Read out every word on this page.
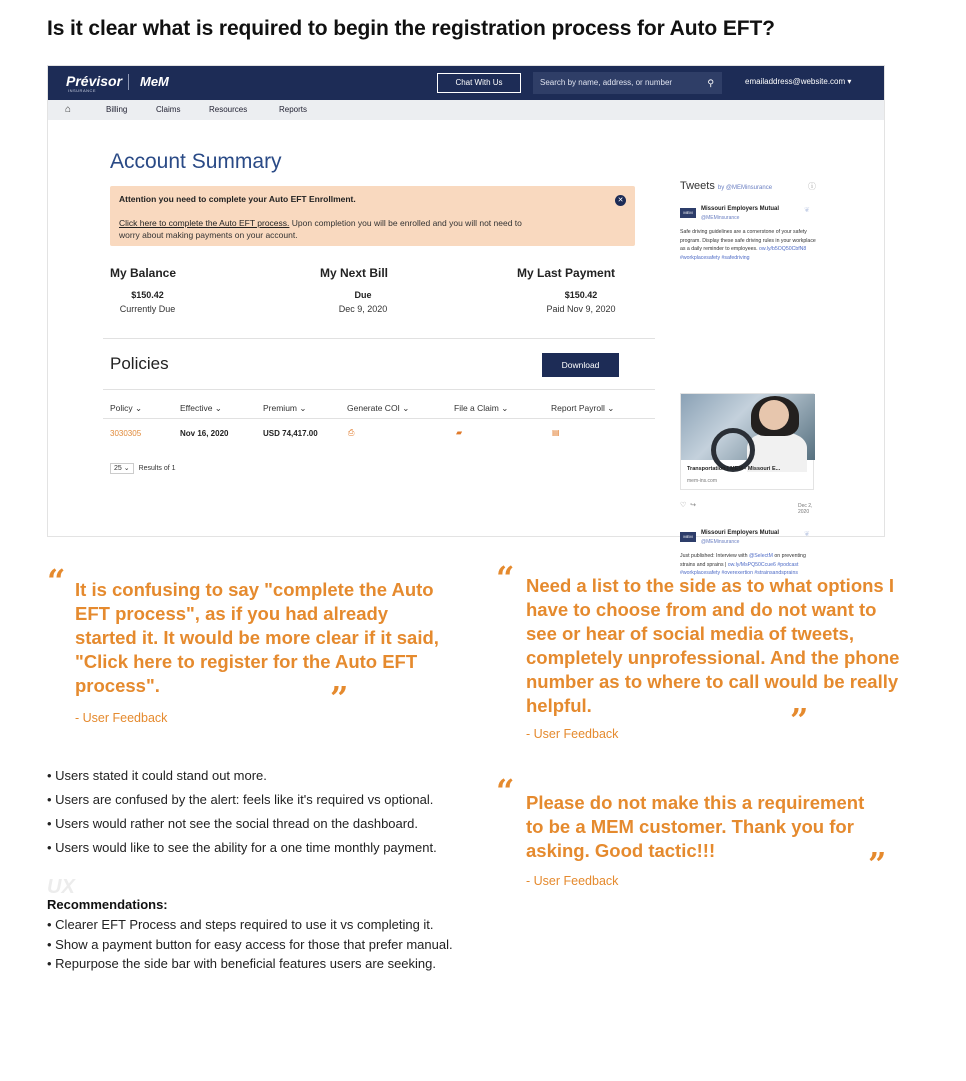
Is it clear what is required to begin the registration process for Auto EFT?
Prévisor
INSURANCE
MeM	Chat With Us	Search by name, address, or number	⚲	emailaddress@website.com ▾
⌂	Billing	Claims	Resources	Reports
Account Summary
Attention you need to complete your Auto EFT Enrollment.	✕
Click here to complete the Auto EFT process. Upon completion you will be enrolled and you will not need to worry about making payments on your account.
My Balance
$150.42
Currently Due
My Next Bill
Due
Dec 9, 2020
My Last Payment
$150.42
Paid Nov 9, 2020
Policies	Download
Policy ⌄	Effective ⌄	Premium ⌄	Generate COI ⌄	File a Claim ⌄	Report Payroll ⌄
3030305	Nov 16, 2020	USD 74,417.00	⎙	▰	▤
25 ⌄ Results of 1
Tweets by @MEMinsurance	ⓘ
MEM
Missouri Employers Mutual
@MEMinsurance
❦
Safe driving guidelines are a cornerstone of your safety program. Display these safe driving rules in your workplace as a daily reminder to employees. ow.ly/b5OQ50CbfN8 #workplacesafety #safedriving
Transportation | MEM - Missouri E...
mem-ins.com
♡ ↪	Dec 2, 2020
MEM
Missouri Employers Mutual
@MEMinsurance
❦
Just published: Interview with @SelectM on preventing strains and sprains | ow.ly/MsPQ50Ccue6 #podcast #workplacesafety #overexertion #strainsandsprains
“ It is confusing to say "complete the Auto EFT process", as if you had already started it. It would be more clear if it said, "Click here to register for the Auto EFT process".	”
- User Feedback
“ Need a list to the side as to what options I have to choose from and do not want to see or hear of social media of tweets, completely unprofessional. And the phone number as to where to call would be really helpful.	”
- User Feedback
“ Please do not make this a requirement to be a MEM customer. Thank you for asking. Good tactic!!!	”
- User Feedback
• Users stated it could stand out more.
• Users are confused by the alert: feels like it's required vs optional.
• Users would rather not see the social thread on the dashboard.
• Users would like to see the ability for a one time monthly payment.
UX
Recommendations:
• Clearer EFT Process and steps required to use it vs completing it.
• Show a payment button for easy access for those that prefer manual.
• Repurpose the side bar with beneficial features users are seeking.
